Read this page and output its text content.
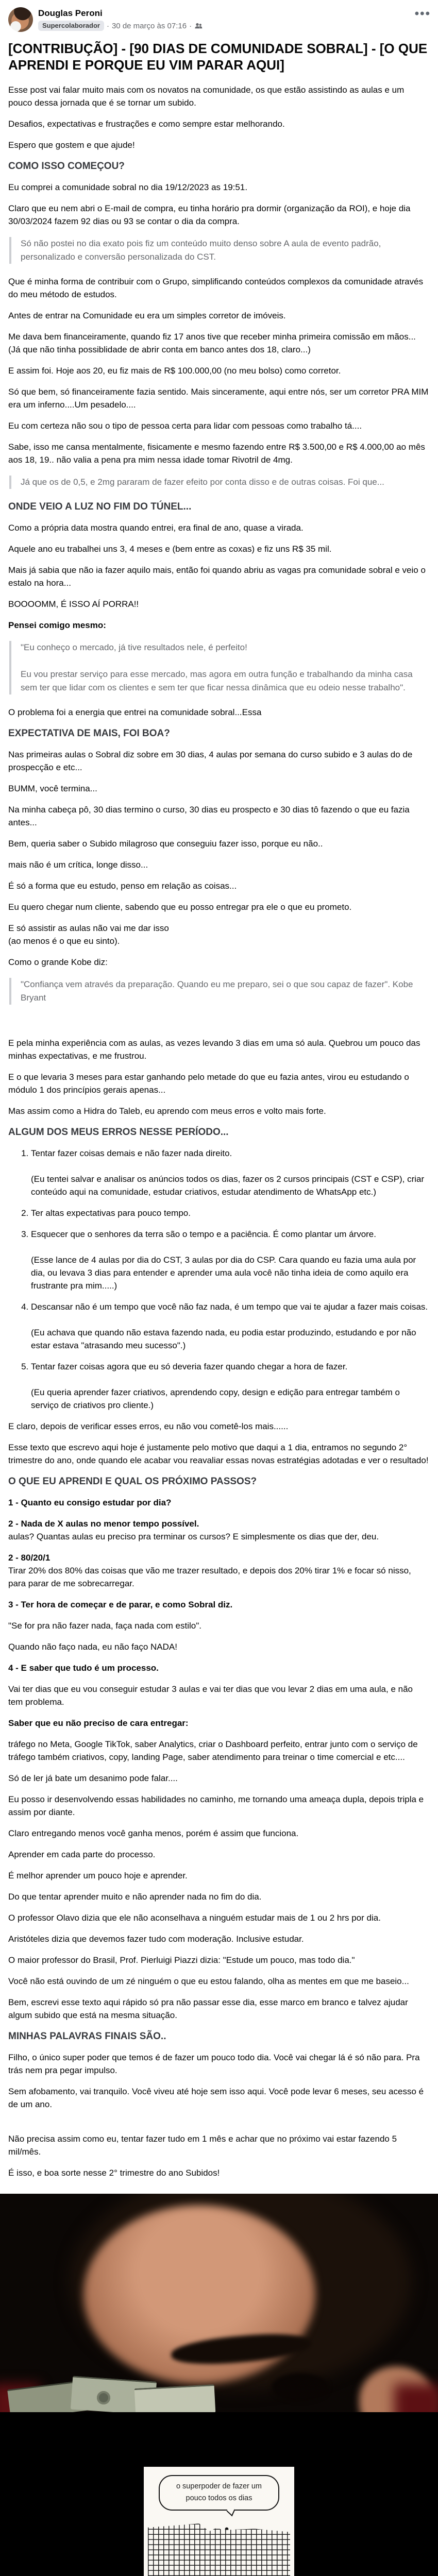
Douglas Peroni
Supercolaborador · 30 de março às 07:16 ·
•••
[CONTRIBUÇÃO] - [90 DIAS DE COMUNIDADE SOBRAL] - [O QUE APRENDI E PORQUE EU VIM PARAR AQUI]
Esse post vai falar muito mais com os novatos na comunidade, os que estão assistindo as aulas e um pouco dessa jornada que é se tornar um subido.
Desafios, expectativas e frustrações e como sempre estar melhorando.
Espero que gostem e que ajude!
COMO ISSO COMEÇOU?
Eu comprei a comunidade sobral no dia 19/12/2023 as 19:51.
Claro que eu nem abri o E-mail de compra, eu tinha horário pra dormir (organização da ROI), e hoje dia 30/03/2024 fazem 92 dias ou 93 se contar o dia da compra.
Só não postei no dia exato pois fiz um conteúdo muito denso sobre A aula de evento padrão, personalizado e conversão personalizada do CST.
Que é minha forma de contribuir com o Grupo, simplificando conteúdos complexos da comunidade através do meu método de estudos.
Antes de entrar na Comunidade eu era um simples corretor de imóveis.
Me dava bem financeiramente, quando fiz 17 anos tive que receber minha primeira comissão em mãos... (Já que não tinha possiblidade de abrir conta em banco antes dos 18, claro...)
E assim foi. Hoje aos 20, eu fiz mais de R$ 100.000,00 (no meu bolso) como corretor.
Só que bem, só financeiramente fazia sentido. Mais sinceramente, aqui entre nós, ser um corretor PRA MIM era um inferno....Um pesadelo....
Eu com certeza não sou o tipo de pessoa certa para lidar com pessoas como trabalho tá....
Sabe, isso me cansa mentalmente, fisicamente e mesmo fazendo entre R$ 3.500,00 e R$ 4.000,00 ao mês aos 18, 19.. não valia a pena pra mim nessa idade tomar Rivotril de 4mg.
Já que os de 0,5, e 2mg pararam de fazer efeito por conta disso e de outras coisas. Foi que...
ONDE VEIO A LUZ NO FIM DO TÚNEL...
Como a própria data mostra quando entrei, era final de ano, quase a virada.
Aquele ano eu trabalhei uns 3, 4 meses e (bem entre as coxas) e fiz uns R$ 35 mil.
Mais já sabia que não ia fazer aquilo mais, então foi quando abriu as vagas pra comunidade sobral e veio o estalo na hora...
BOOOOMM, É ISSO AÍ PORRA!!
Pensei comigo mesmo:
"Eu conheço o mercado, já tive resultados nele, é perfeito!
Eu vou prestar serviço para esse mercado, mas agora em outra função e trabalhando da minha casa sem ter que lidar com os clientes e sem ter que ficar nessa dinâmica que eu odeio nesse trabalho".
O problema foi a energia que entrei na comunidade sobral...Essa
EXPECTATIVA DE MAIS, FOI BOA?
Nas primeiras aulas o Sobral diz sobre em 30 dias, 4 aulas por semana do curso subido e 3 aulas do de prospecção e etc...
BUMM, você termina...
Na minha cabeça pô, 30 dias termino o curso, 30 dias eu prospecto e 30 dias tô fazendo o que eu fazia antes...
Bem, queria saber o Subido milagroso que conseguiu fazer isso, porque eu não..
mais não é um crítica, longe disso...
É só a forma que eu estudo, penso em relação as coisas...
Eu quero chegar num cliente, sabendo que eu posso entregar pra ele o que eu prometo.
E só assistir as aulas não vai me dar isso
(ao menos é o que eu sinto).
Como o grande Kobe diz:
"Confiança vem através da preparação. Quando eu me preparo, sei o que sou capaz de fazer". Kobe Bryant
E pela minha experiência com as aulas, as vezes levando 3 dias em uma só aula. Quebrou um pouco das minhas expectativas, e me frustrou.
E o que levaria 3 meses para estar ganhando pelo metade do que eu fazia antes, virou eu estudando o módulo 1 dos princípios gerais apenas...
Mas assim como a Hidra do Taleb, eu aprendo com meus erros e volto mais forte.
ALGUM DOS MEUS ERROS NESSE PERÍODO...
1. Tentar fazer coisas demais e não fazer nada direito.
(Eu tentei salvar e analisar os anúncios todos os dias, fazer os 2 cursos principais (CST e CSP), criar conteúdo aqui na comunidade, estudar criativos, estudar atendimento de WhatsApp etc.)
2. Ter altas expectativas para pouco tempo.
3. Esquecer que o senhores da terra são o tempo e a paciência. É como plantar um árvore.
(Esse lance de 4 aulas por dia do CST, 3 aulas por dia do CSP. Cara quando eu fazia uma aula por dia, ou levava 3 dias para entender e aprender uma aula você não tinha ideia de como aquilo era frustrante pra mim.....)
4. Descansar não é um tempo que você não faz nada, é um tempo que vai te ajudar a fazer mais coisas.
(Eu achava que quando não estava fazendo nada, eu podia estar produzindo, estudando e por não estar estava "atrasando meu sucesso".)
5. Tentar fazer coisas agora que eu só deveria fazer quando chegar a hora de fazer.
(Eu queria aprender fazer criativos, aprendendo copy, design e edição para entregar também o serviço de criativos pro cliente.)
E claro, depois de verificar esses erros, eu não vou cometê-los mais......
Esse texto que escrevo aqui hoje é justamente pelo motivo que daqui a 1 dia, entramos no segundo 2° trimestre do ano, onde quando ele acabar vou reavaliar essas novas estratégias adotadas e ver o resultado!
O QUE EU APRENDI E QUAL OS PRÓXIMO PASSOS?
1 - Quanto eu consigo estudar por dia?
2 - Nada de X aulas no menor tempo possível.
aulas? Quantas aulas eu preciso pra terminar os cursos? E simplesmente os dias que der, deu.
2 - 80/20/1
Tirar 20% dos 80% das coisas que vão me trazer resultado, e depois dos 20% tirar 1% e focar só nisso, para parar de me sobrecarregar.
3 - Ter hora de começar e de parar, e como Sobral diz.
"Se for pra não fazer nada, faça nada com estilo".
Quando não faço nada, eu não faço NADA!
4 - E saber que tudo é um processo.
Vai ter dias que eu vou conseguir estudar 3 aulas e vai ter dias que vou levar 2 dias em uma aula, e não tem problema.
Saber que eu não preciso de cara entregar:
tráfego no Meta, Google TikTok, saber Analytics, criar o Dashboard perfeito, entrar junto com o serviço de tráfego também criativos, copy, landing Page, saber atendimento para treinar o time comercial e etc....
Só de ler já bate um desanimo pode falar....
Eu posso ir desenvolvendo essas habilidades no caminho, me tornando uma ameaça dupla, depois tripla e assim por diante.
Claro entregando menos você ganha menos, porém é assim que funciona.
Aprender em cada parte do processo.
É melhor aprender um pouco hoje e aprender.
Do que tentar aprender muito e não aprender nada no fim do dia.
O professor Olavo dizia que ele não aconselhava a ninguém estudar mais de 1 ou 2 hrs por dia.
Aristóteles dizia que devemos fazer tudo com moderação. Inclusive estudar.
O maior professor do Brasil, Prof. Pierluigi Piazzi dizia: "Estude um pouco, mas todo dia."
Você não está ouvindo de um zé ninguém o que eu estou falando, olha as mentes em que me baseio...
Bem, escrevi esse texto aqui rápido só pra não passar esse dia, esse marco em branco e talvez ajudar algum subido que está na mesma situação.
MINHAS PALAVRAS FINAIS SÃO..
Filho, o único super poder que temos é de fazer um pouco todo dia. Você vai chegar lá é só não para. Pra trás nem pra pegar impulso.
Sem afobamento, vai tranquilo. Você viveu até hoje sem isso aqui. Você pode levar 6 meses, seu acesso é de um ano.
Não precisa assim como eu, tentar fazer tudo em 1 mês e achar que no próximo vai estar fazendo 5 mil/mês.
É isso, e boa sorte nesse 2° trimestre do ano Subidos!
o superpoder de fazer um pouco todos os dias
